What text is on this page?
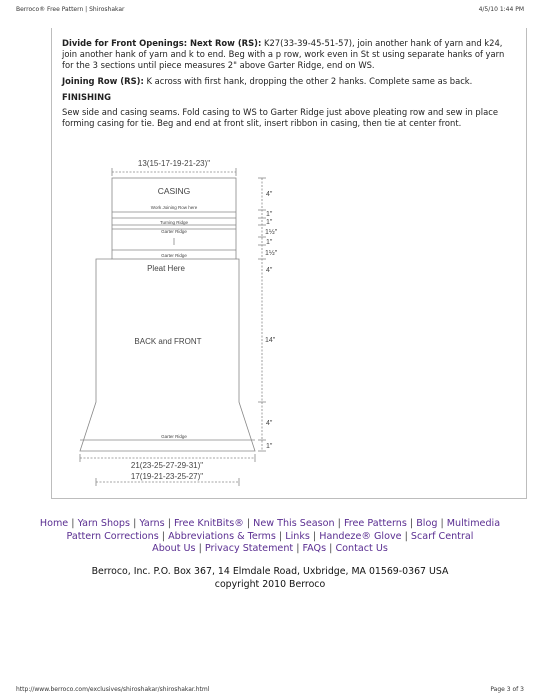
Berroco® Free Pattern | Shiroshakar	4/5/10 1:44 PM

Divide for Front Openings: Next Row (RS): K27(33-39-45-51-57), join another hank of yarn and k24, join another hank of yarn and k to end. Beg with a p row, work even in St st using separate hanks of yarn for the 3 sections until piece measures 2" above Garter Ridge, end on WS.

Joining Row (RS): K across with first hank, dropping the other 2 hanks. Complete same as back.

FINISHING

Sew side and casing seams. Fold casing to WS to Garter Ridge just above pleating row and sew in place forming casing for tie. Beg and end at front slit, insert ribbon in casing, then tie at center front.

13(15-17-19-21-23)"
CASING
Work Joining Row here
Turning Ridge
Garter Ridge
Garter Ridge
Pleat Here
BACK and FRONT
Garter Ridge
4"
1"
1"
1½"
1"
1½"
4"
14"
4"
1"
21(23-25-27-29-31)"
17(19-21-23-25-27)"
Home | Yarn Shops | Yarns | Free KnitBits® | New This Season | Free Patterns | Blog | Multimedia
Pattern Corrections | Abbreviations & Terms | Links | Handeze® Glove | Scarf Central
About Us | Privacy Statement | FAQs | Contact Us
Berroco, Inc. P.O. Box 367, 14 Elmdale Road, Uxbridge, MA 01569-0367 USA
copyright 2010 Berroco
http://www.berroco.com/exclusives/shiroshakar/shiroshakar.html	Page 3 of 3
